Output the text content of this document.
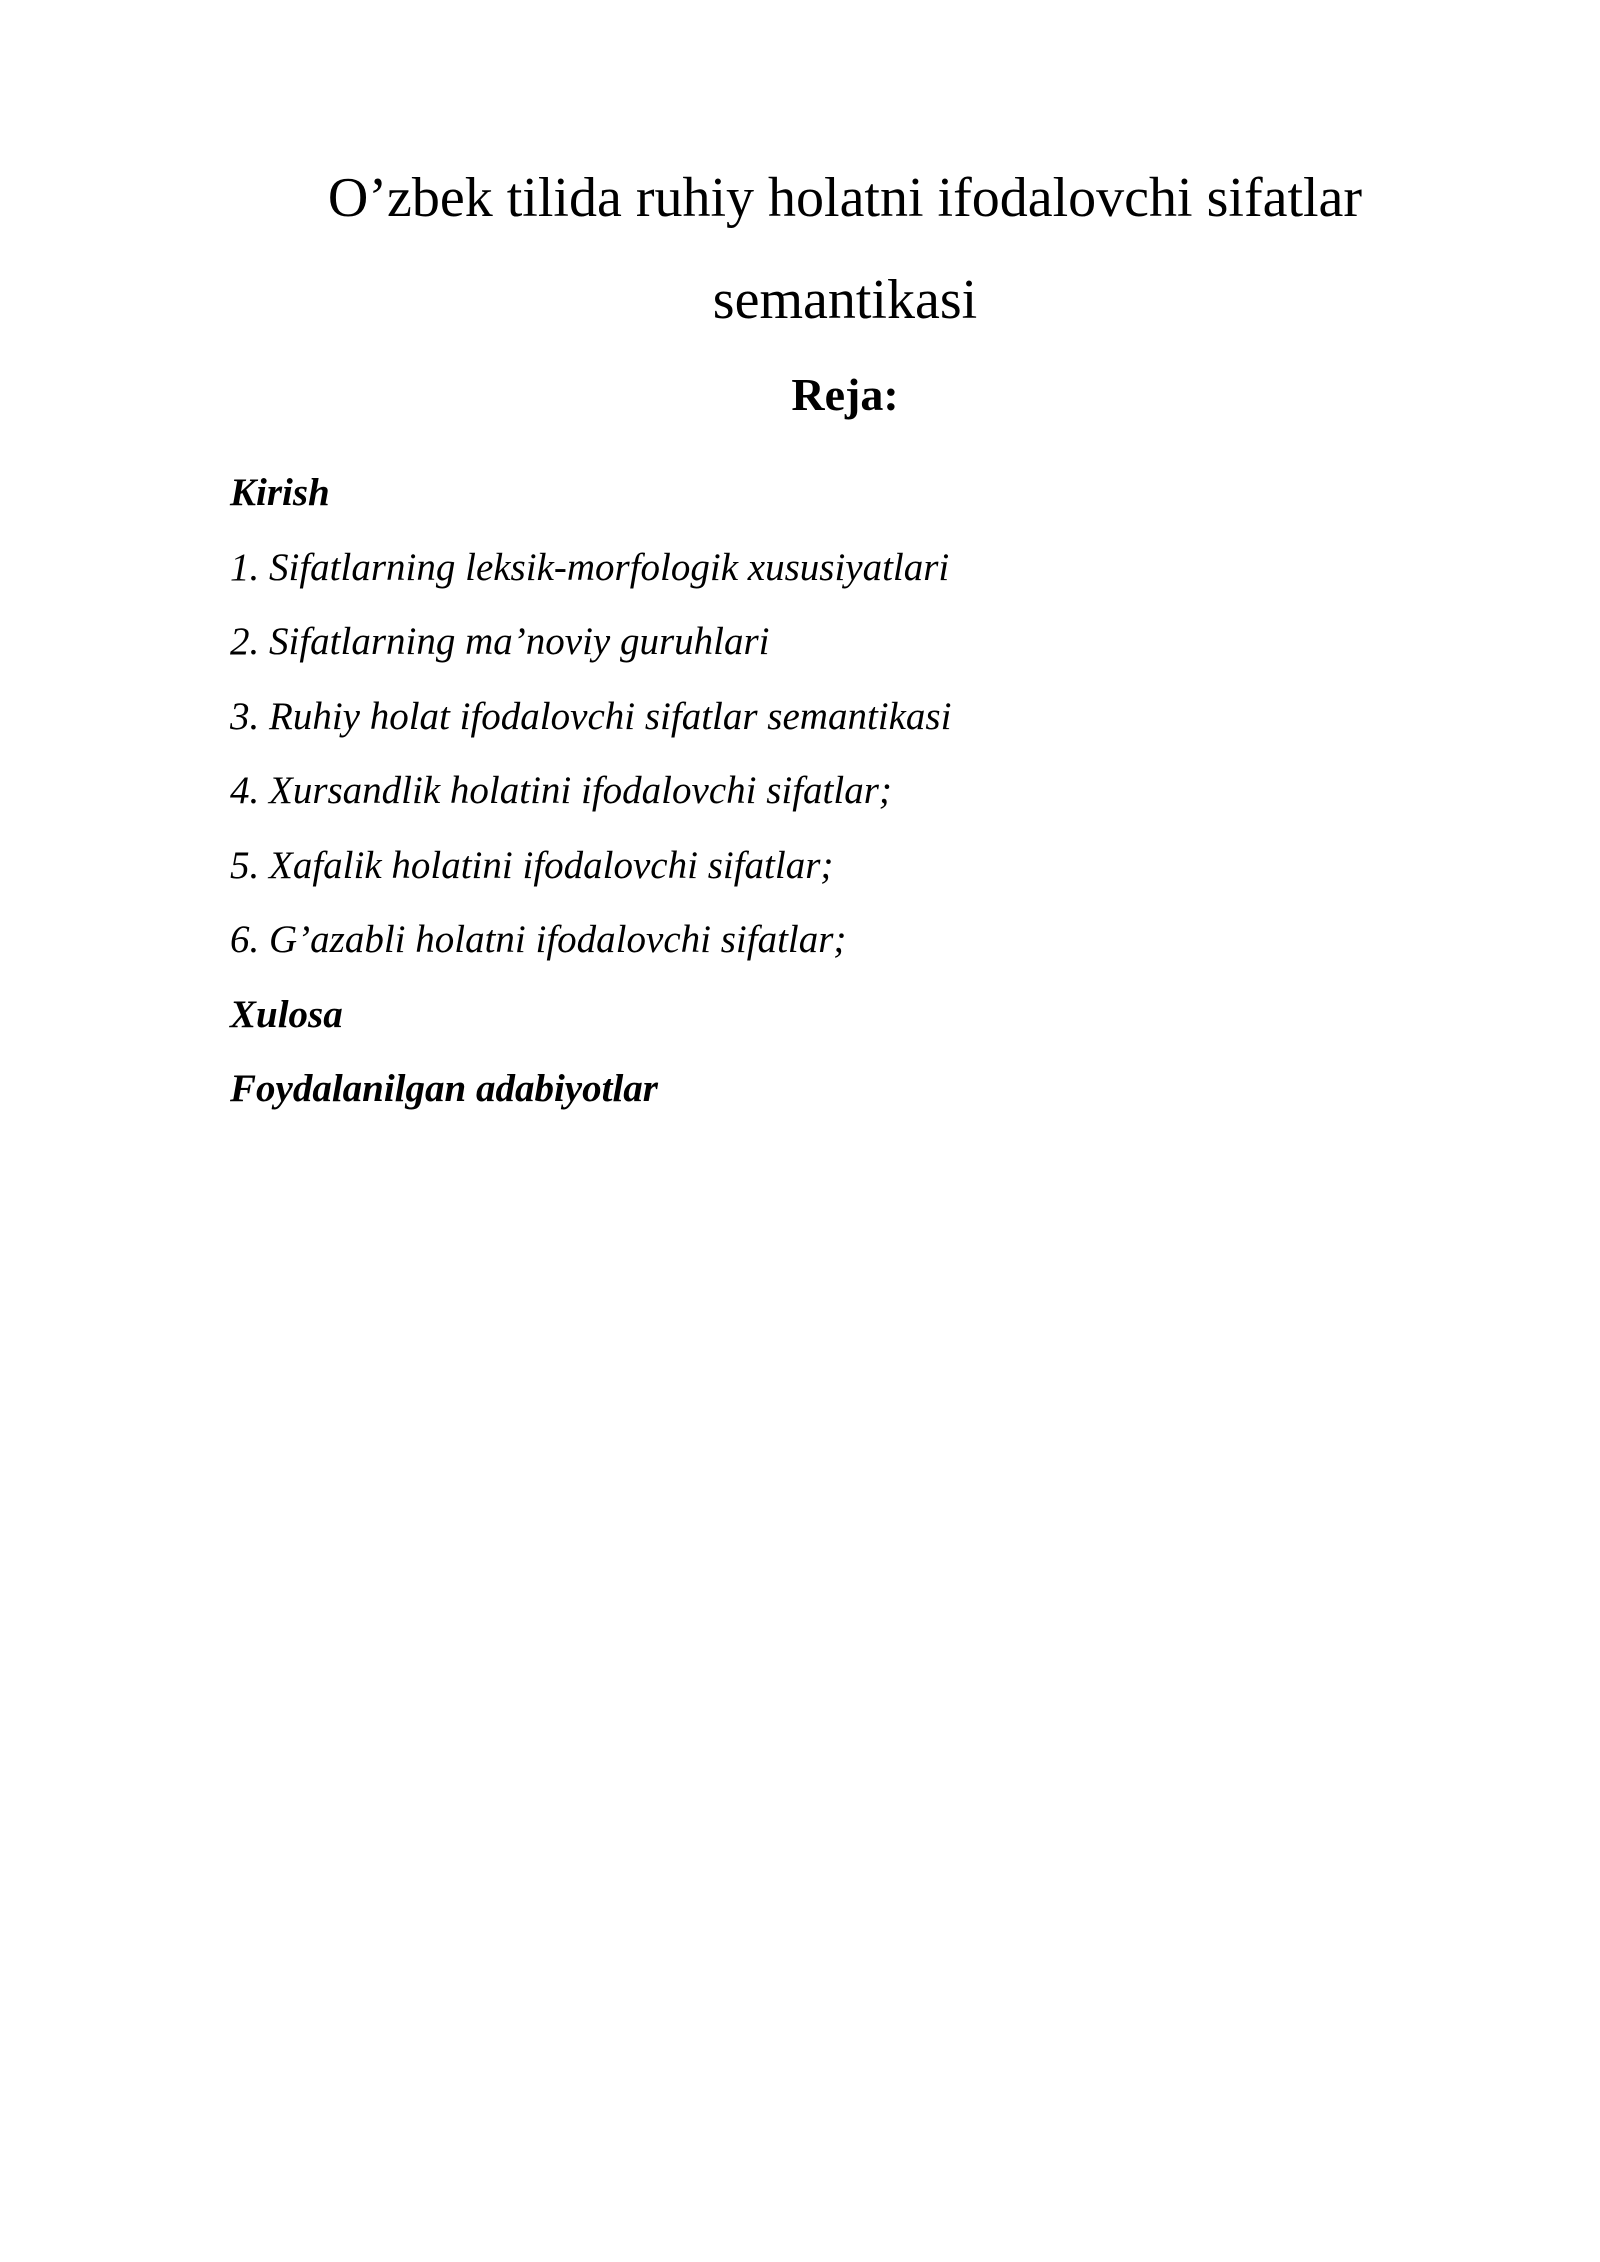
O’zbek tilida ruhiy holatni ifodalovchi sifatlar
semantikasi
Reja:
Kirish
1. Sifatlarning leksik-morfologik xususiyatlari
2. Sifatlarning ma’noviy guruhlari
3. Ruhiy holat ifodalovchi sifatlar semantikasi
4. Xursandlik holatini ifodalovchi sifatlar;
5. Xafalik holatini ifodalovchi sifatlar;
6. G’azabli holatni ifodalovchi sifatlar;
Xulosa
Foydalanilgan adabiyotlar
